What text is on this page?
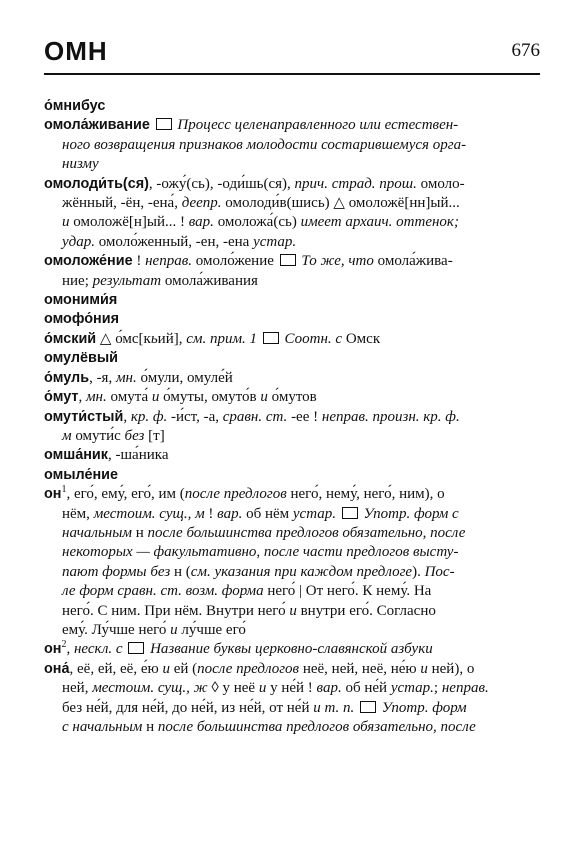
ОМН	676
о́мнибус
омола́живание  Процесс целенаправленного или естествен-
ного возвращения признаков молодости состарившемуся орга-
низму
омолоди́ть(ся), -ожу́(сь), -оди́шь(ся), прич. страд. прош. омоло-
жённый, -ён, -ена́, деепр. омолоди́в(шись) △ омоложё[нн]ый...
и омоложё[н]ый... ! вар. омоложа́(сь) имеет архаич. оттенок;
удар. омоло́женный, -ен, -ена устар.
омоложе́ние ! неправ. омоло́жение  То же, что омола́жива-
ние; результат омола́живания
омоними́я
омофо́ния
о́мский △ о́мс[кьий], см. прим. 1  Соотн. с Омск
омулёвый
о́муль, -я, мн. о́мули, омуле́й
о́мут, мн. омута́ и о́муты, омуто́в и о́мутов
омути́стый, кр. ф. -и́ст, -а, сравн. ст. -ее ! неправ. произн. кр. ф.
м омути́с без [т]
омша́ник, -ша́ника
омыле́ние
$он^1$, его́, ему́, его́, им (после предлогов него́, нему́, него́, ним), о
нём, местоим. сущ., м ! вар. об нём устар.  Употр. форм с
начальным н после большинства предлогов обязательно, после
некоторых — факультативно, после части предлогов высту-
пают формы без н (см. указания при каждом предлоге). Пос-
ле форм сравн. ст. возм. форма него́ | От него́. К нему́. На
него́. С ним. При нём. Внутри него́ и внутри его́. Согласно
ему́. Лу́чше него́ и лу́чше его́
$он^2$, нескл. с  Название буквы церковно-славянской азбуки
она́, её, ей, её, е́ю и ей (после предлогов неё, ней, неё, не́ю и ней), о
ней, местоим. сущ., ж ◊ у неё и у не́й ! вар. об не́й устар.; неправ.
без не́й, для не́й, до не́й, из не́й, от не́й и т. п.  Употр. форм
с начальным н после большинства предлогов обязательно, после
